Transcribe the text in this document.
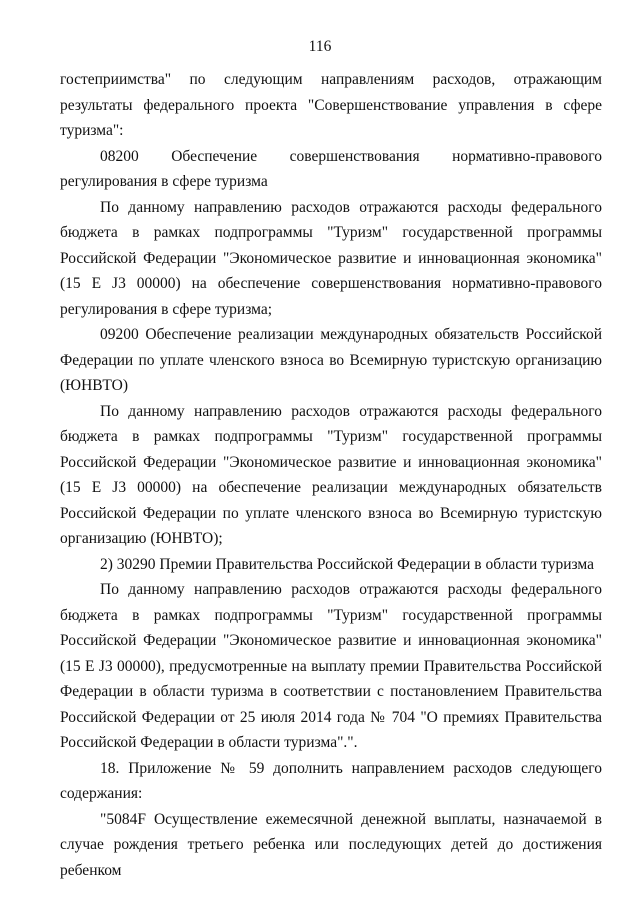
116

гостеприимства" по следующим направлениям расходов, отражающим результаты федерального проекта "Совершенствование управления в сфере туризма":

08200 Обеспечение совершенствования нормативно-правового регулирования в сфере туризма

По данному направлению расходов отражаются расходы федерального бюджета в рамках подпрограммы "Туризм" государственной программы Российской Федерации "Экономическое развитие и инновационная экономика" (15 Е J3 00000) на обеспечение совершенствования нормативно-правового регулирования в сфере туризма;

09200 Обеспечение реализации международных обязательств Российской Федерации по уплате членского взноса во Всемирную туристскую организацию (ЮНВТО)

По данному направлению расходов отражаются расходы федерального бюджета в рамках подпрограммы "Туризм" государственной программы Российской Федерации "Экономическое развитие и инновационная экономика" (15 Е J3 00000) на обеспечение реализации международных обязательств Российской Федерации по уплате членского взноса во Всемирную туристскую организацию (ЮНВТО);

2) 30290 Премии Правительства Российской Федерации в области туризма

По данному направлению расходов отражаются расходы федерального бюджета в рамках подпрограммы "Туризм" государственной программы Российской Федерации "Экономическое развитие и инновационная экономика" (15 Е J3 00000), предусмотренные на выплату премии Правительства Российской Федерации в области туризма в соответствии с постановлением Правительства Российской Федерации от 25 июля 2014 года № 704 "О премиях Правительства Российской Федерации в области туризма".".

18. Приложение № 59 дополнить направлением расходов следующего содержания:

"5084F Осуществление ежемесячной денежной выплаты, назначаемой в случае рождения третьего ребенка или последующих детей до достижения ребенком
